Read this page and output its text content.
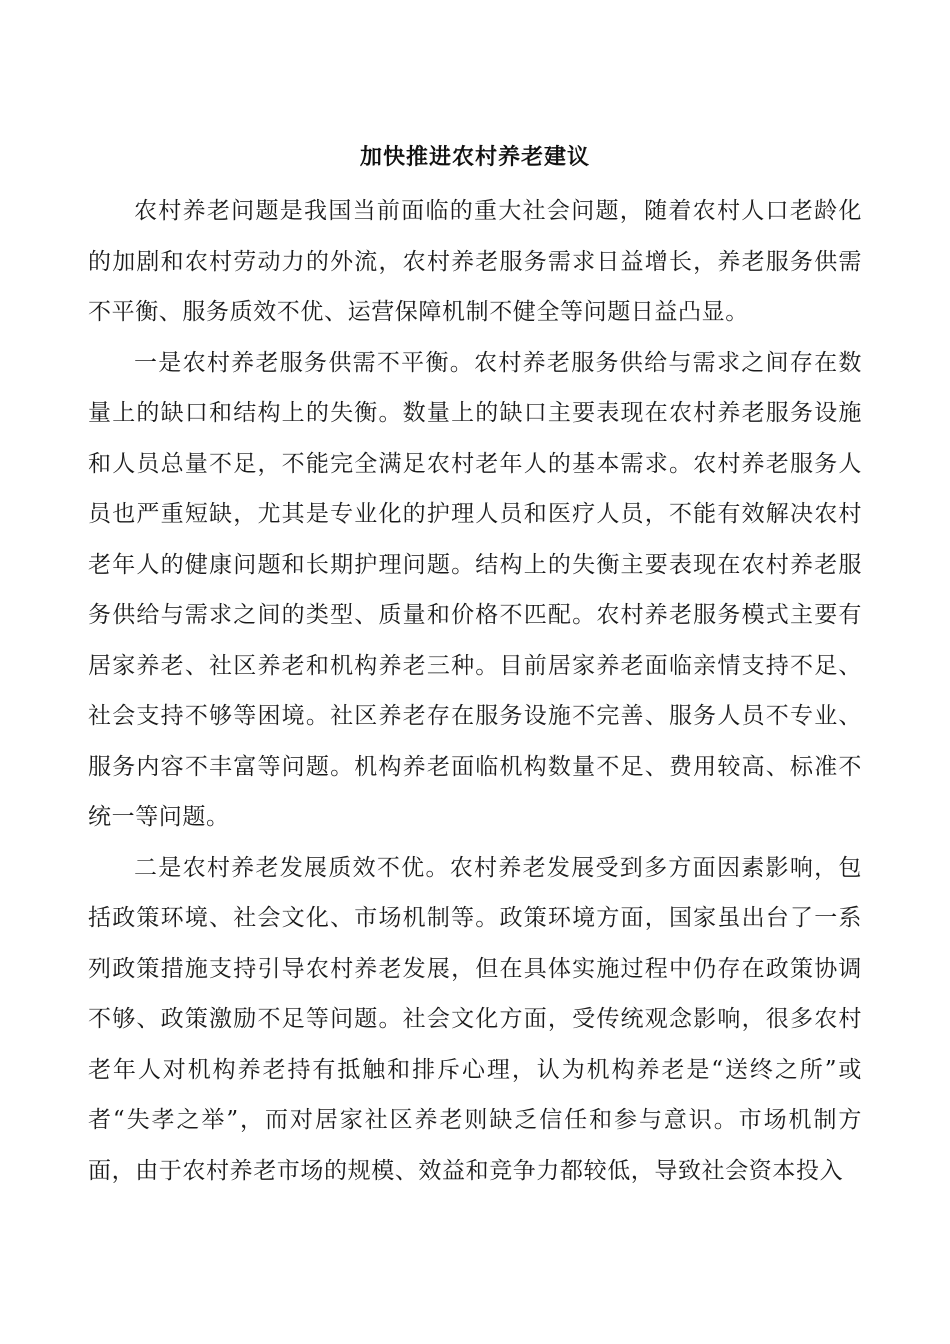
加快推进农村养老建议

农村养老问题是我国当前面临的重大社会问题，随着农村人口老龄化的加剧和农村劳动力的外流，农村养老服务需求日益增长，养老服务供需不平衡、服务质效不优、运营保障机制不健全等问题日益凸显。

一是农村养老服务供需不平衡。农村养老服务供给与需求之间存在数量上的缺口和结构上的失衡。数量上的缺口主要表现在农村养老服务设施和人员总量不足，不能完全满足农村老年人的基本需求。农村养老服务人员也严重短缺，尤其是专业化的护理人员和医疗人员，不能有效解决农村老年人的健康问题和长期护理问题。结构上的失衡主要表现在农村养老服务供给与需求之间的类型、质量和价格不匹配。农村养老服务模式主要有居家养老、社区养老和机构养老三种。目前居家养老面临亲情支持不足、社会支持不够等困境。社区养老存在服务设施不完善、服务人员不专业、服务内容不丰富等问题。机构养老面临机构数量不足、费用较高、标准不统一等问题。

二是农村养老发展质效不优。农村养老发展受到多方面因素影响，包括政策环境、社会文化、市场机制等。政策环境方面，国家虽出台了一系列政策措施支持引导农村养老发展，但在具体实施过程中仍存在政策协调不够、政策激励不足等问题。社会文化方面，受传统观念影响，很多农村老年人对机构养老持有抵触和排斥心理，认为机构养老是“送终之所”或者“失孝之举”，而对居家社区养老则缺乏信任和参与意识。市场机制方面，由于农村养老市场的规模、效益和竞争力都较低，导致社会资本投入
